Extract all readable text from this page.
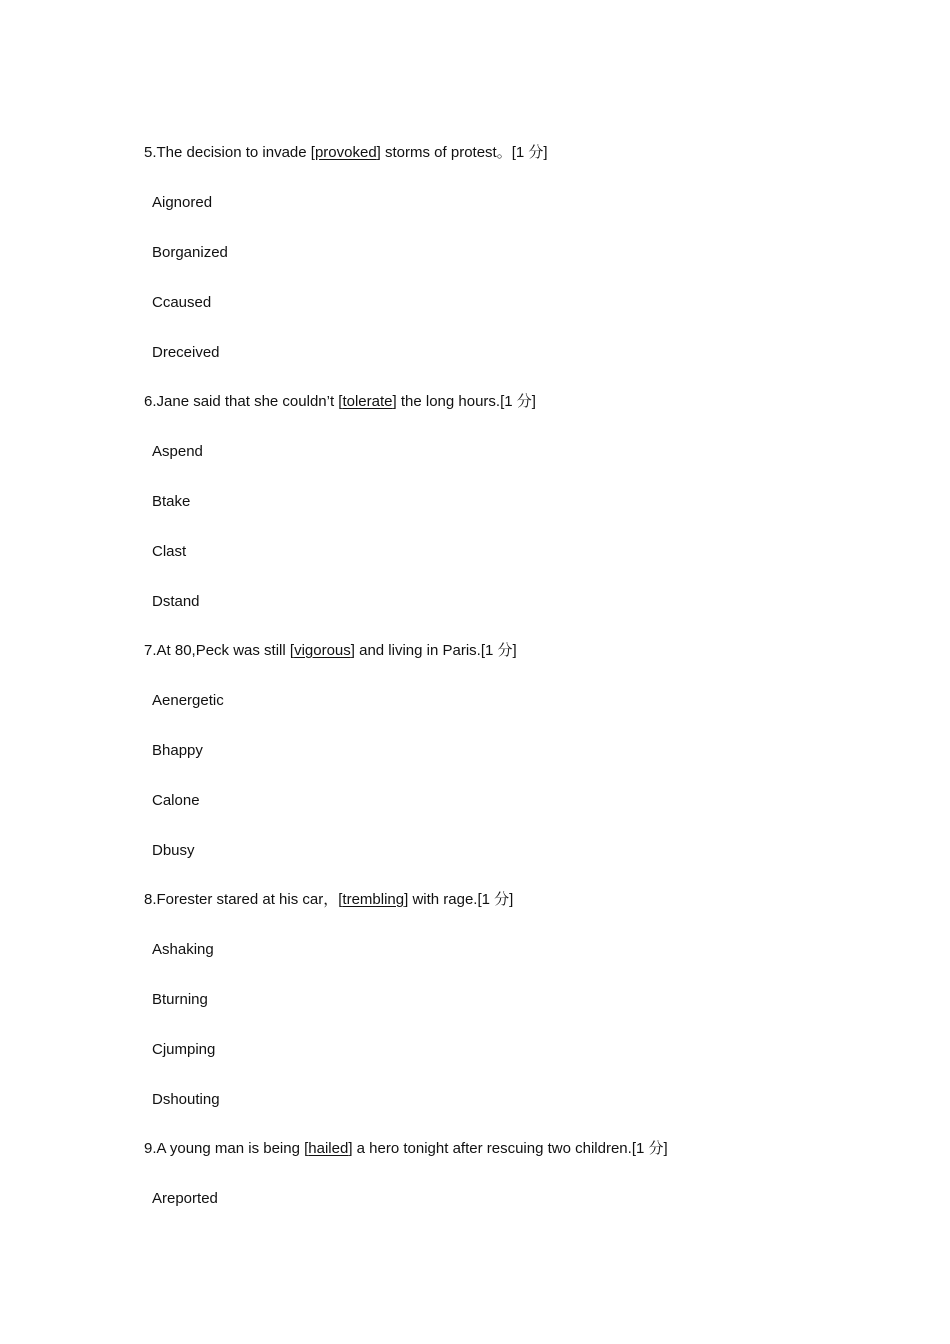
5.The decision to invade [provoked] storms of protest。[1 分]
Aignored
Borganized
Ccaused
Dreceived
6.Jane said that she couldn’t [tolerate] the long hours.[1 分]
Aspend
Btake
Clast
Dstand
7.At 80,Peck was still [vigorous] and living in Paris.[1 分]
Aenergetic
Bhappy
Calone
Dbusy
8.Forester stared at his car，[trembling] with rage.[1 分]
Ashaking
Bturning
Cjumping
Dshouting
9.A young man is being [hailed] a hero tonight after rescuing two children.[1 分]
Areported
